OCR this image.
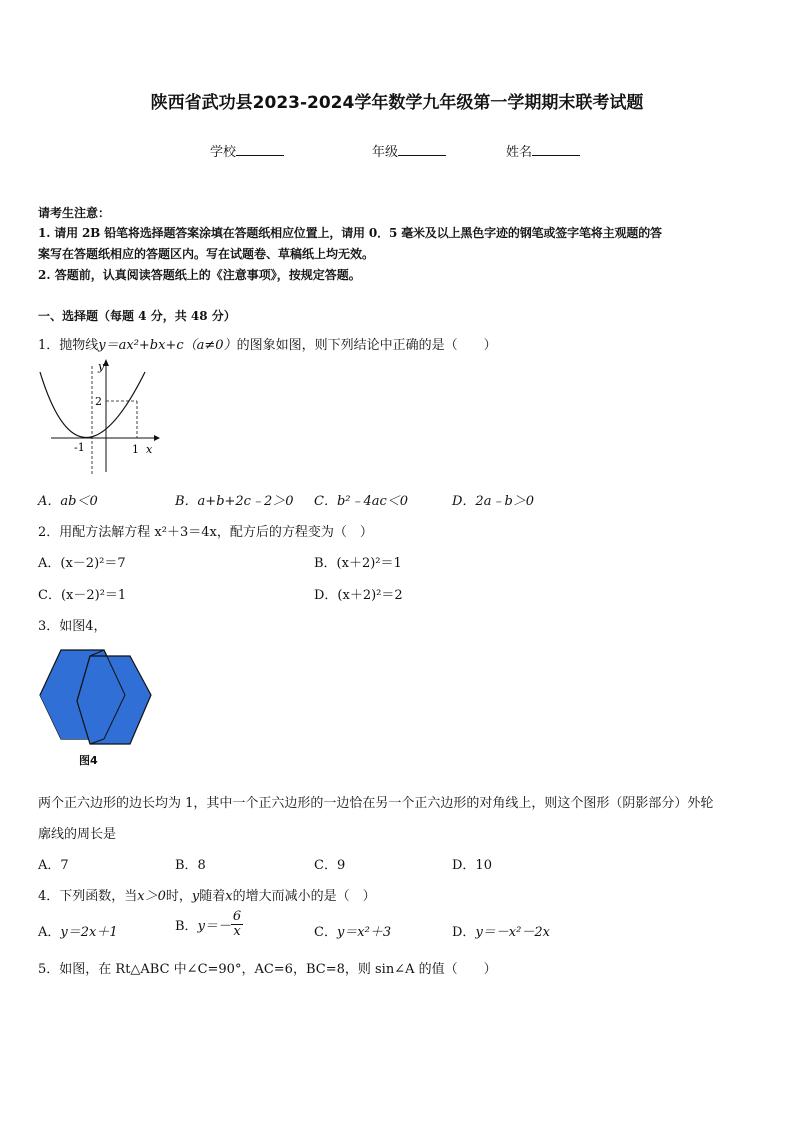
陕西省武功县2023-2024学年数学九年级第一学期期末联考试题
学校	年级	姓名
请考生注意：
1. 请用 2B 铅笔将选择题答案涂填在答题纸相应位置上，请用 0．5 毫米及以上黑色字迹的钢笔或签字笔将主观题的答
案写在答题纸相应的答题区内。写在试题卷、草稿纸上均无效。
2. 答题前，认真阅读答题纸上的《注意事项》，按规定答题。
一、选择题（每题 4 分，共 48 分）
1．抛物线y＝ax²+bx+c（a≠0）的图象如图，则下列结论中正确的是（　　）
y
x
2
-1	1
A．ab＜0	B．a+b+2c﹣2＞0 C．b²﹣4ac＜0	D．2a﹣b＞0
2．用配方法解方程 x²＋3＝4x，配方后的方程变为（　）
A．(x－2)²＝7	B．(x＋2)²＝1
C．(x－2)²＝1	D．(x＋2)²＝2
3．如图4，
图4
两个正六边形的边长均为 1，其中一个正六边形的一边恰在另一个正六边形的对角线上，则这个图形（阴影部分）外轮
廓线的周长是
A．7	B．8	C．9	D．10
4．下列函数，当x＞0时，y随着x的增大而减小的是（　）
A．y＝2x＋1	B．$y=- \frac{6}{x}$	C．y＝x²＋3	D．y＝－x²－2x
5．如图，在 Rt△ABC 中∠C=90°，AC=6，BC=8，则 sin∠A 的值（　　）
